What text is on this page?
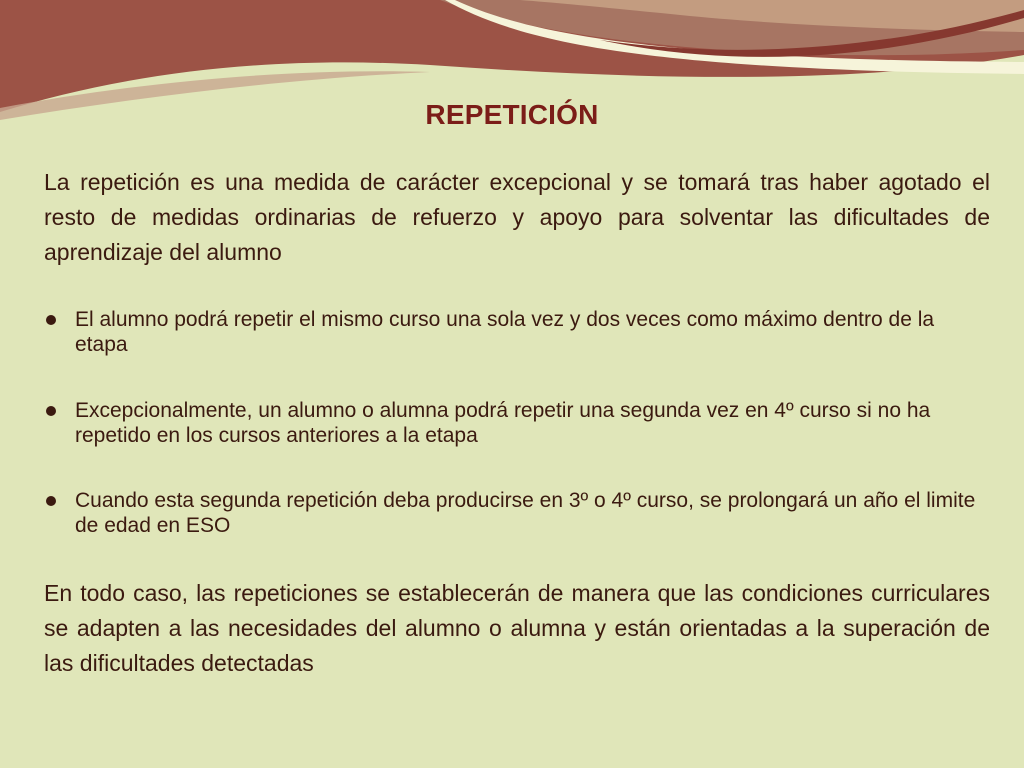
REPETICIÓN

La repetición es una medida de carácter excepcional y se tomará tras haber agotado el resto de medidas ordinarias de refuerzo y apoyo para solventar las dificultades de aprendizaje del alumno

El alumno podrá repetir el mismo curso una sola vez y dos veces como máximo dentro de la etapa
Excepcionalmente, un alumno o alumna podrá repetir una segunda vez en 4º curso si no ha repetido en los cursos anteriores a la etapa
Cuando esta segunda repetición deba producirse en 3º o 4º curso, se prolongará un año el limite de edad en ESO

En todo caso, las repeticiones se establecerán de manera que las condiciones curriculares se adapten a las necesidades del alumno o alumna y están orientadas a la superación de las dificultades detectadas
